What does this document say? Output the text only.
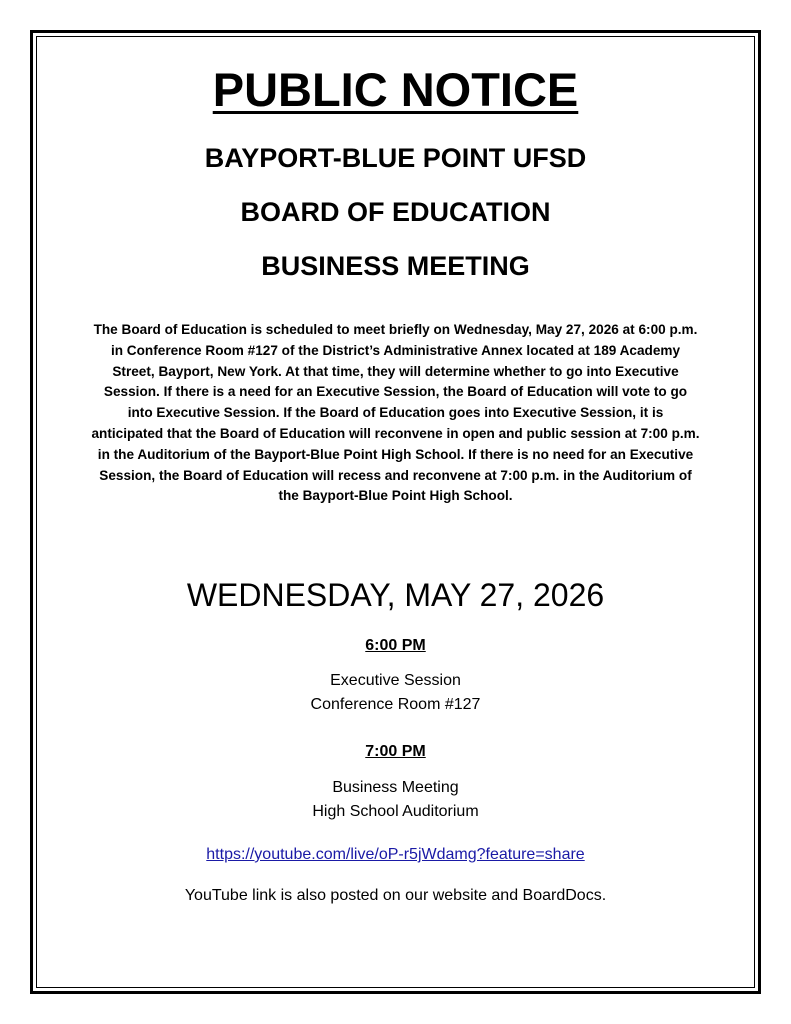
PUBLIC NOTICE
BAYPORT-BLUE POINT UFSD
BOARD OF EDUCATION
BUSINESS MEETING

The Board of Education is scheduled to meet briefly on Wednesday, May 27, 2026 at 6:00 p.m. in Conference Room #127 of the District’s Administrative Annex located at 189 Academy Street, Bayport, New York. At that time, they will determine whether to go into Executive Session. If there is a need for an Executive Session, the Board of Education will vote to go into Executive Session. If the Board of Education goes into Executive Session, it is anticipated that the Board of Education will reconvene in open and public session at 7:00 p.m. in the Auditorium of the Bayport-Blue Point High School. If there is no need for an Executive Session, the Board of Education will recess and reconvene at 7:00 p.m. in the Auditorium of the Bayport-Blue Point High School.

WEDNESDAY, MAY 27, 2026

6:00 PM

Executive Session

Conference Room #127

7:00 PM

Business Meeting

High School Auditorium

https://youtube.com/live/oP-r5jWdamg?feature=share

YouTube link is also posted on our website and BoardDocs.
